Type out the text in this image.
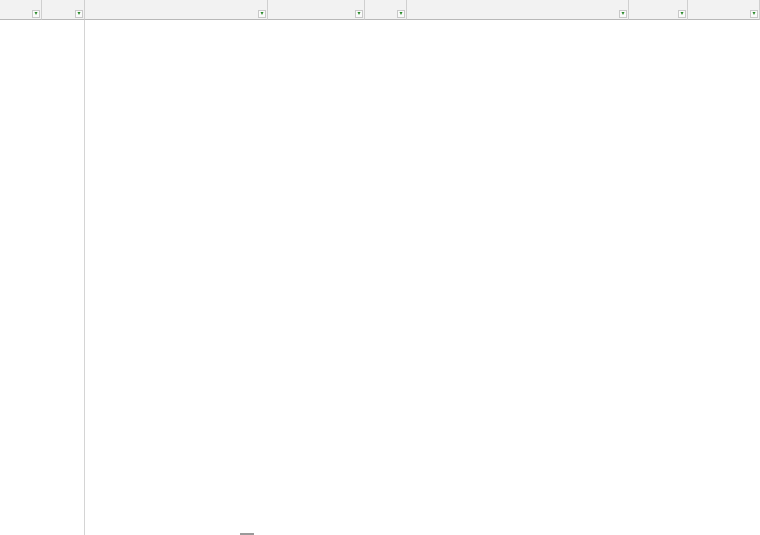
▾	▾	▾	▾	▾	▾	▾	▾
